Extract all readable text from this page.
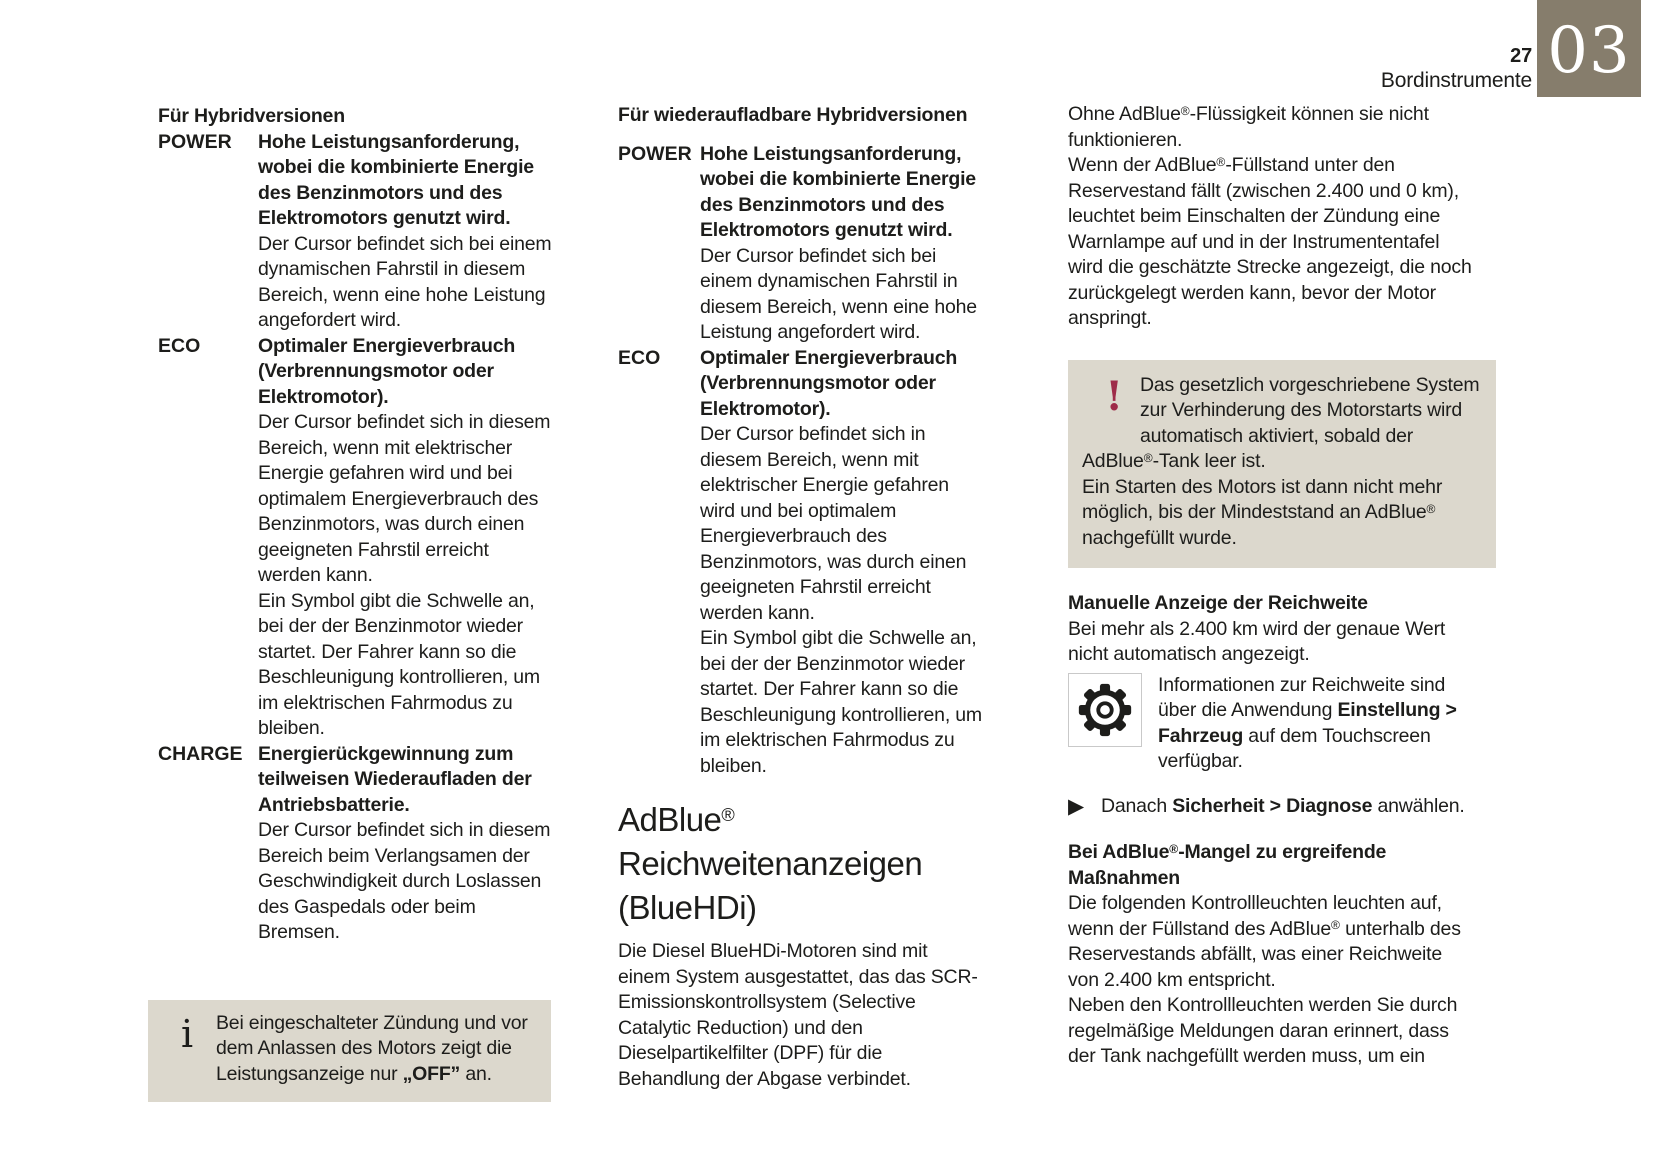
27
Bordinstrumente 03
Für Hybridversionen
POWER	Hohe Leistungsanforderung, wobei die kombinierte Energie des Benzinmotors und des Elektromotors genutzt wird.

Der Cursor befindet sich bei einem dynamischen Fahrstil in diesem Bereich, wenn eine hohe Leistung angefordert wird.

ECO	Optimaler Energieverbrauch (Verbrennungsmotor oder Elektromotor).

Der Cursor befindet sich in diesem Bereich, wenn mit elektrischer Energie gefahren wird und bei optimalem Energieverbrauch des Benzinmotors, was durch einen geeigneten Fahrstil erreicht werden kann.

Ein Symbol gibt die Schwelle an, bei der der Benzinmotor wieder startet. Der Fahrer kann so die Beschleunigung kontrollieren, um im elektrischen Fahrmodus zu bleiben.

CHARGE Energierückgewinnung zum teilweisen Wiederaufladen der Antriebsbatterie.

Der Cursor befindet sich in diesem Bereich beim Verlangsamen der Geschwindigkeit durch Loslassen des Gaspedals oder beim Bremsen.

i	Bei eingeschalteter Zündung und vor dem Anlassen des Motors zeigt die Leistungsanzeige nur „OFF” an.

Für wiederaufladbare Hybridversionen
POWER Hohe Leistungsanforderung, wobei die kombinierte Energie des Benzinmotors und des Elektromotors genutzt wird.

Der Cursor befindet sich bei einem dynamischen Fahrstil in diesem Bereich, wenn eine hohe Leistung angefordert wird.

ECO	Optimaler Energieverbrauch (Verbrennungsmotor oder Elektromotor).

Der Cursor befindet sich in diesem Bereich, wenn mit elektrischer Energie gefahren wird und bei optimalem Energieverbrauch des Benzinmotors, was durch einen geeigneten Fahrstil erreicht werden kann.

Ein Symbol gibt die Schwelle an, bei der der Benzinmotor wieder startet. Der Fahrer kann so die Beschleunigung kontrollieren, um im elektrischen Fahrmodus zu bleiben.

AdBlue® Reichweitenanzeigen (BlueHDi)

Die Diesel BlueHDi-Motoren sind mit einem System ausgestattet, das das SCR-Emissionskontrollsystem (Selective Catalytic Reduction) und den Dieselpartikelfilter (DPF) für die Behandlung der Abgase verbindet.

Ohne AdBlue®-Flüssigkeit können sie nicht funktionieren.

Wenn der AdBlue®-Füllstand unter den Reservestand fällt (zwischen 2.400 und 0 km), leuchtet beim Einschalten der Zündung eine Warnlampe auf und in der Instrumententafel wird die geschätzte Strecke angezeigt, die noch zurückgelegt werden kann, bevor der Motor anspringt.

! Das gesetzlich vorgeschriebene System zur Verhinderung des Motorstarts wird automatisch aktiviert, sobald der AdBlue®-Tank leer ist.

Ein Starten des Motors ist dann nicht mehr möglich, bis der Mindeststand an AdBlue® nachgefüllt wurde.

Manuelle Anzeige der Reichweite

Bei mehr als 2.400 km wird der genaue Wert nicht automatisch angezeigt.

Informationen zur Reichweite sind über die Anwendung Einstellung > Fahrzeug auf dem Touchscreen verfügbar.

▶ Danach Sicherheit > Diagnose anwählen.

Bei AdBlue®-Mangel zu ergreifende Maßnahmen

Die folgenden Kontrollleuchten leuchten auf, wenn der Füllstand des AdBlue® unterhalb des Reservestands abfällt, was einer Reichweite von 2.400 km entspricht.

Neben den Kontrollleuchten werden Sie durch regelmäßige Meldungen daran erinnert, dass der Tank nachgefüllt werden muss, um ein
